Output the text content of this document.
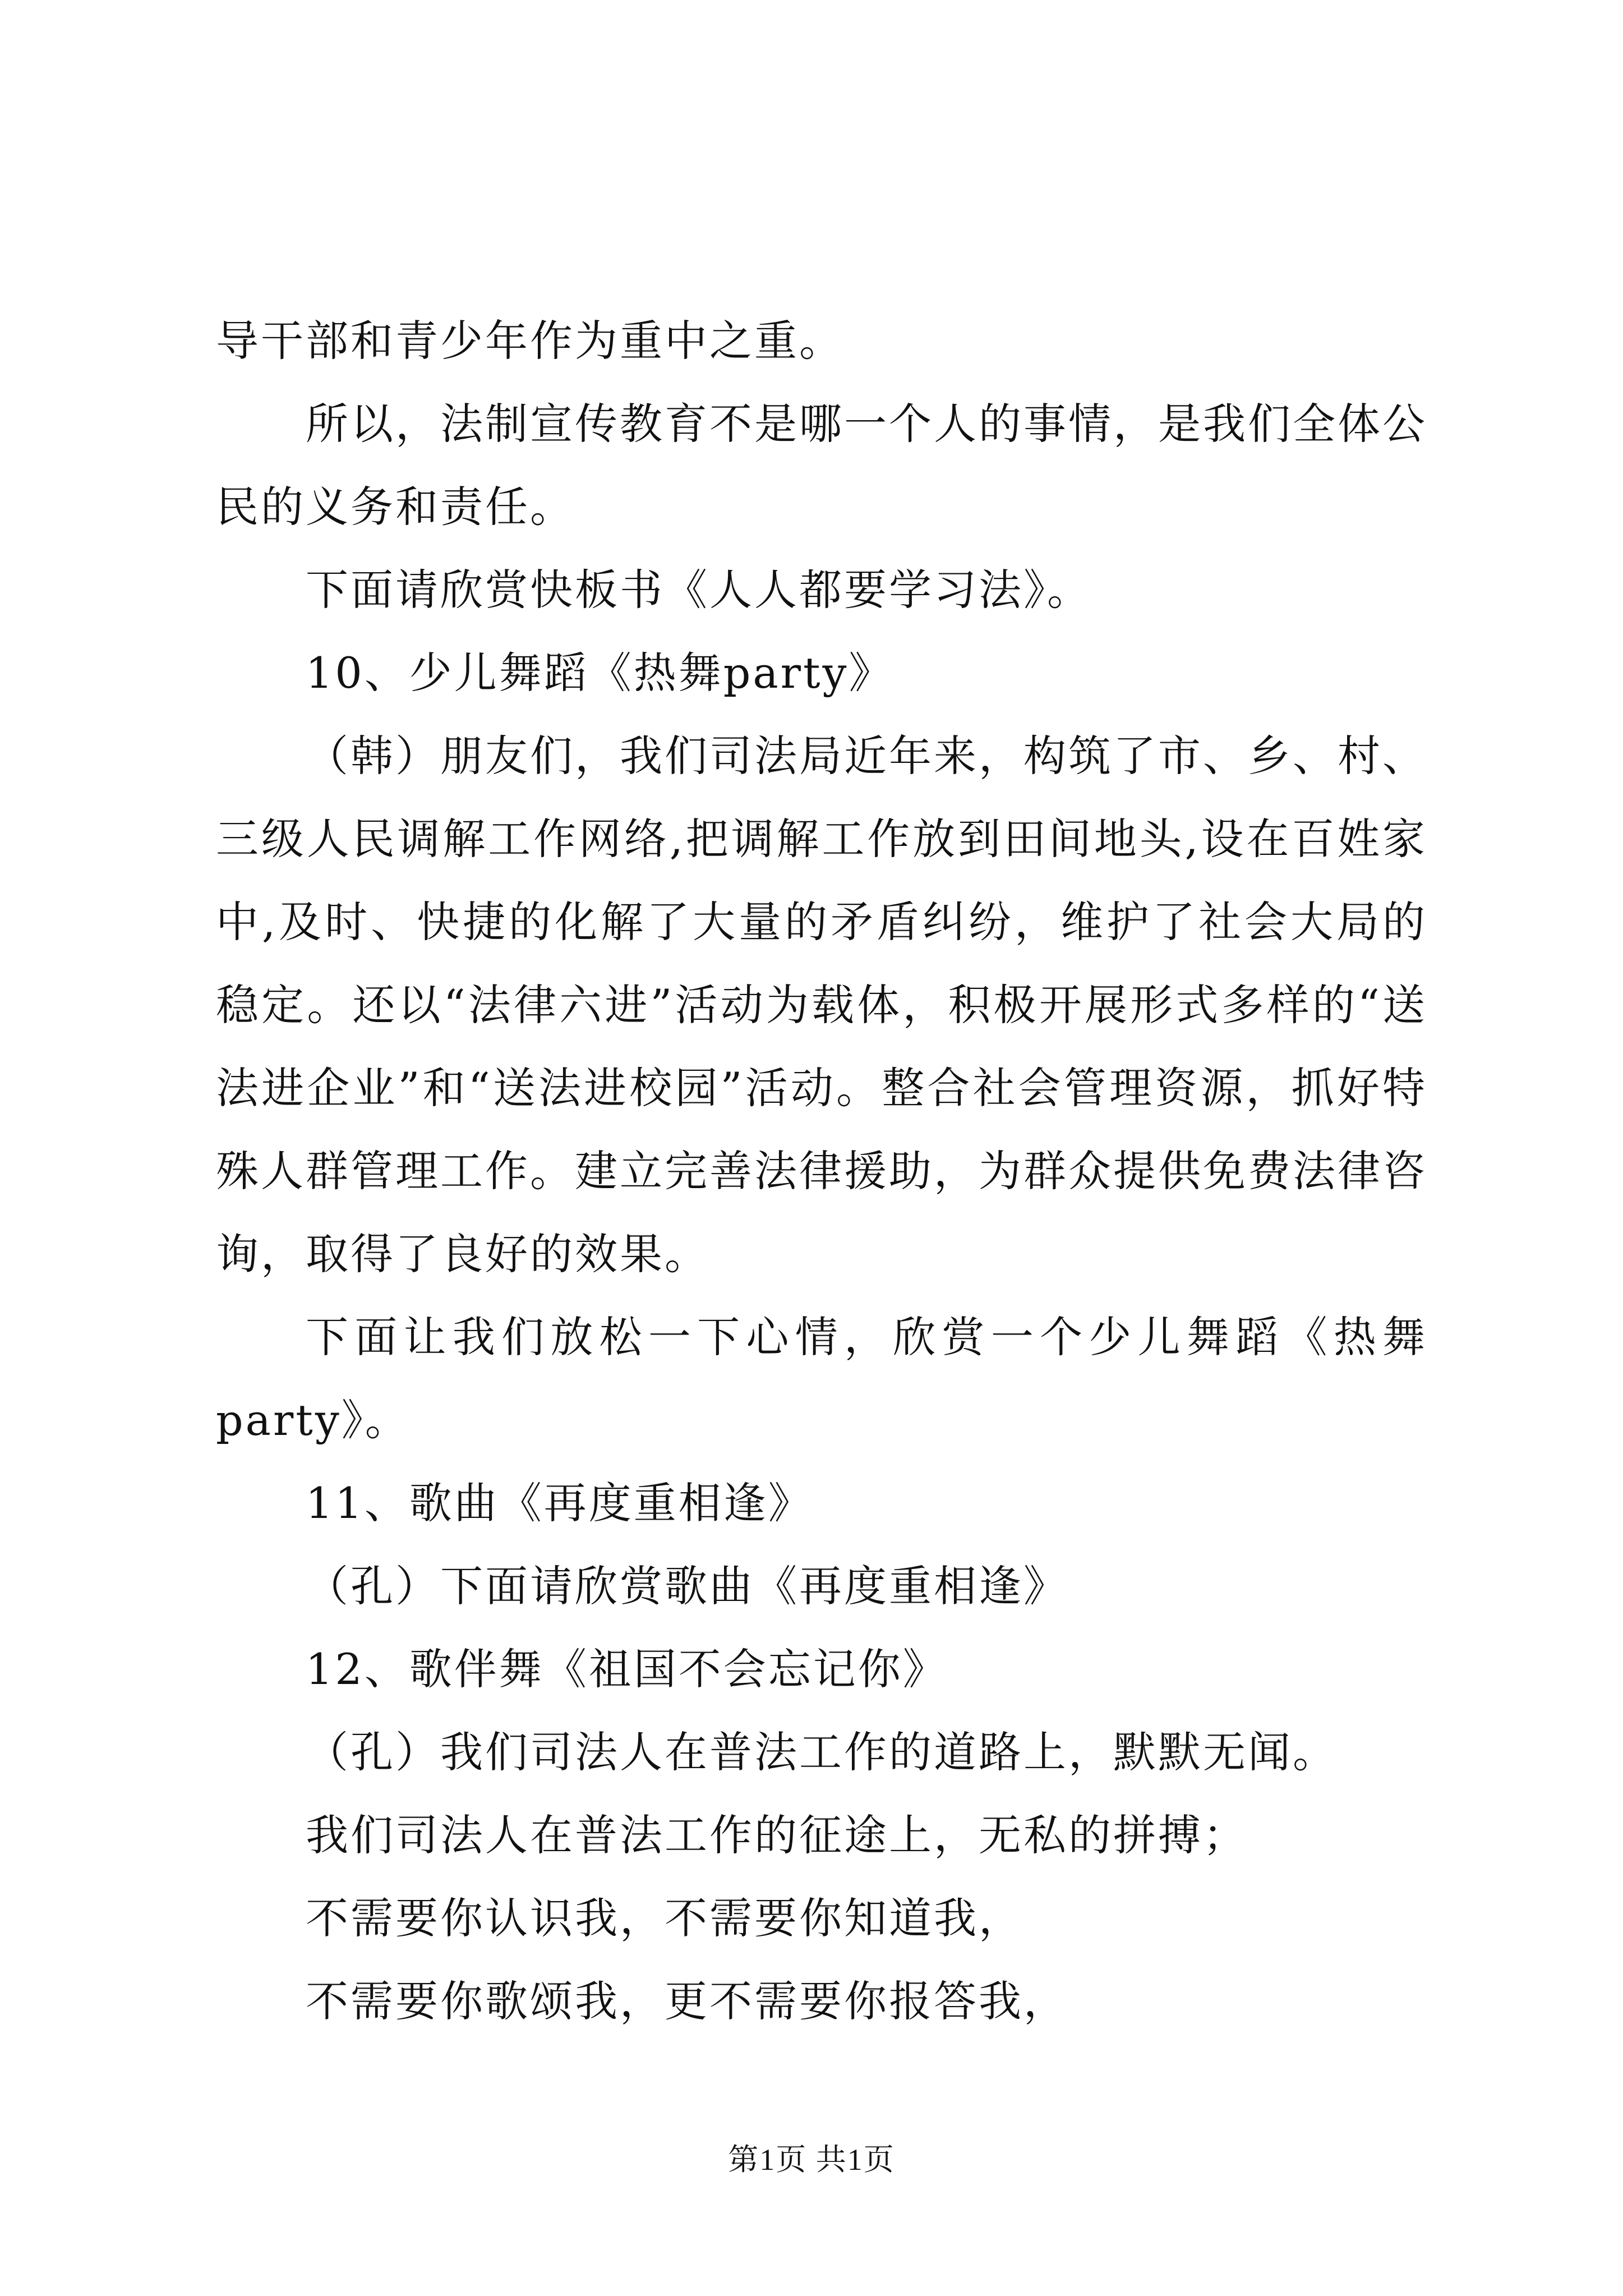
导干部和青少年作为重中之重。

所以，法制宣传教育不是哪一个人的事情，是我们全体公民的义务和责任。

下面请欣赏快板书《人人都要学习法》。

10、少儿舞蹈《热舞party》

（韩）朋友们，我们司法局近年来，构筑了市、乡、村、三级人民调解工作网络,把调解工作放到田间地头,设在百姓家中,及时、快捷的化解了大量的矛盾纠纷，维护了社会大局的稳定。还以“法律六进”活动为载体，积极开展形式多样的“送法进企业”和“送法进校园”活动。整合社会管理资源，抓好特殊人群管理工作。建立完善法律援助，为群众提供免费法律咨询，取得了良好的效果。

下面让我们放松一下心情，欣赏一个少儿舞蹈《热舞party》。

11、歌曲《再度重相逢》

（孔）下面请欣赏歌曲《再度重相逢》

12、歌伴舞《祖国不会忘记你》

（孔）我们司法人在普法工作的道路上，默默无闻。

我们司法人在普法工作的征途上，无私的拼搏；

不需要你认识我，不需要你知道我，

不需要你歌颂我，更不需要你报答我，

第1页 共1页
